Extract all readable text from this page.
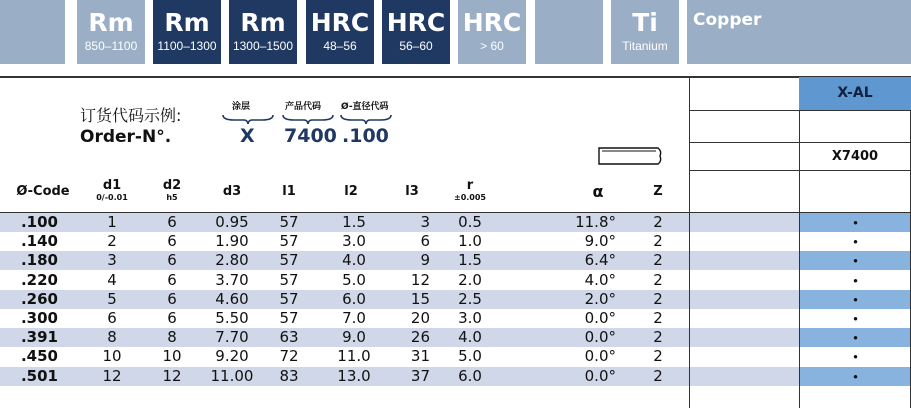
Rm
850–1100
Rm
1100–1300
Rm
1300–1500
HRC
48–56
HRC
56–60
HRC
> 60
Ti
Titanium
Copper
X-AL
X7400
订货代码示例:
Order-N°.
涂层	产品代码 Ø-直径代码
X 7400 .100
Ø-Code	d1
0/-0.01
d2
h5	d3	l1	l2	l3	r
±0.005	α	Z
.100	1	6	0.95	57	1.5	3	0.5	11.8°	2	•
.140	2	6	1.90	57	3.0	6	1.0	9.0°	2	•
.180	3	6	2.80	57	4.0	9	1.5	6.4°	2	•
.220	4	6	3.70	57	5.0	12	2.0	4.0°	2	•
.260	5	6	4.60	57	6.0	15	2.5	2.0°	2	•
.300	6	6	5.50	57	7.0	20	3.0	0.0°	2	•
.391	8	8	7.70	63	9.0	26	4.0	0.0°	2	•
.450	10	10	9.20	72	11.0	31	5.0	0.0°	2	•
.501	12	12	11.00	83	13.0	37	6.0	0.0°	2	•
